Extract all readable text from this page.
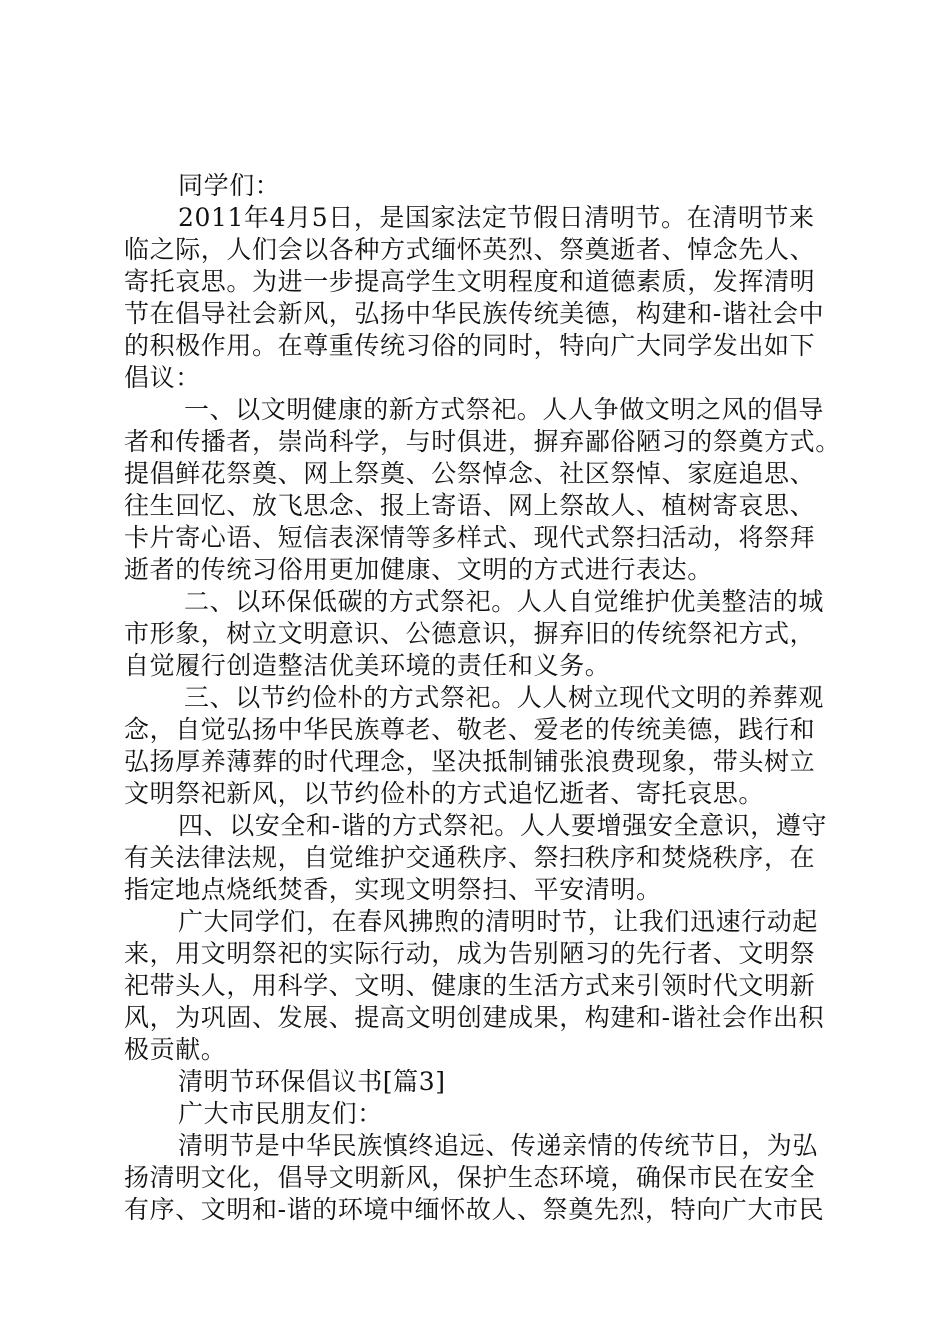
同学们：
2011年4月5日，是国家法定节假日清明节。在清明节来
临之际，人们会以各种方式缅怀英烈、祭奠逝者、悼念先人、
寄托哀思。为进一步提高学生文明程度和道德素质，发挥清明
节在倡导社会新风，弘扬中华民族传统美德，构建和-谐社会中
的积极作用。在尊重传统习俗的同时，特向广大同学发出如下
倡议：
一、以文明健康的新方式祭祀。人人争做文明之风的倡导
者和传播者，崇尚科学，与时俱进，摒弃鄙俗陋习的祭奠方式。
提倡鲜花祭奠、网上祭奠、公祭悼念、社区祭悼、家庭追思、
往生回忆、放飞思念、报上寄语、网上祭故人、植树寄哀思、
卡片寄心语、短信表深情等多样式、现代式祭扫活动，将祭拜
逝者的传统习俗用更加健康、文明的方式进行表达。
二、以环保低碳的方式祭祀。人人自觉维护优美整洁的城
市形象，树立文明意识、公德意识，摒弃旧的传统祭祀方式，
自觉履行创造整洁优美环境的责任和义务。
三、以节约俭朴的方式祭祀。人人树立现代文明的养葬观
念，自觉弘扬中华民族尊老、敬老、爱老的传统美德，践行和
弘扬厚养薄葬的时代理念，坚决抵制铺张浪费现象，带头树立
文明祭祀新风，以节约俭朴的方式追忆逝者、寄托哀思。
四、以安全和-谐的方式祭祀。人人要增强安全意识，遵守
有关法律法规，自觉维护交通秩序、祭扫秩序和焚烧秩序，在
指定地点烧纸焚香，实现文明祭扫、平安清明。
广大同学们，在春风拂煦的清明时节，让我们迅速行动起
来，用文明祭祀的实际行动，成为告别陋习的先行者、文明祭
祀带头人，用科学、文明、健康的生活方式来引领时代文明新
风，为巩固、发展、提高文明创建成果，构建和-谐社会作出积
极贡献。
清明节环保倡议书[篇3]
广大市民朋友们：
清明节是中华民族慎终追远、传递亲情的传统节日，为弘
扬清明文化，倡导文明新风，保护生态环境，确保市民在安全
有序、文明和-谐的环境中缅怀故人、祭奠先烈，特向广大市民
